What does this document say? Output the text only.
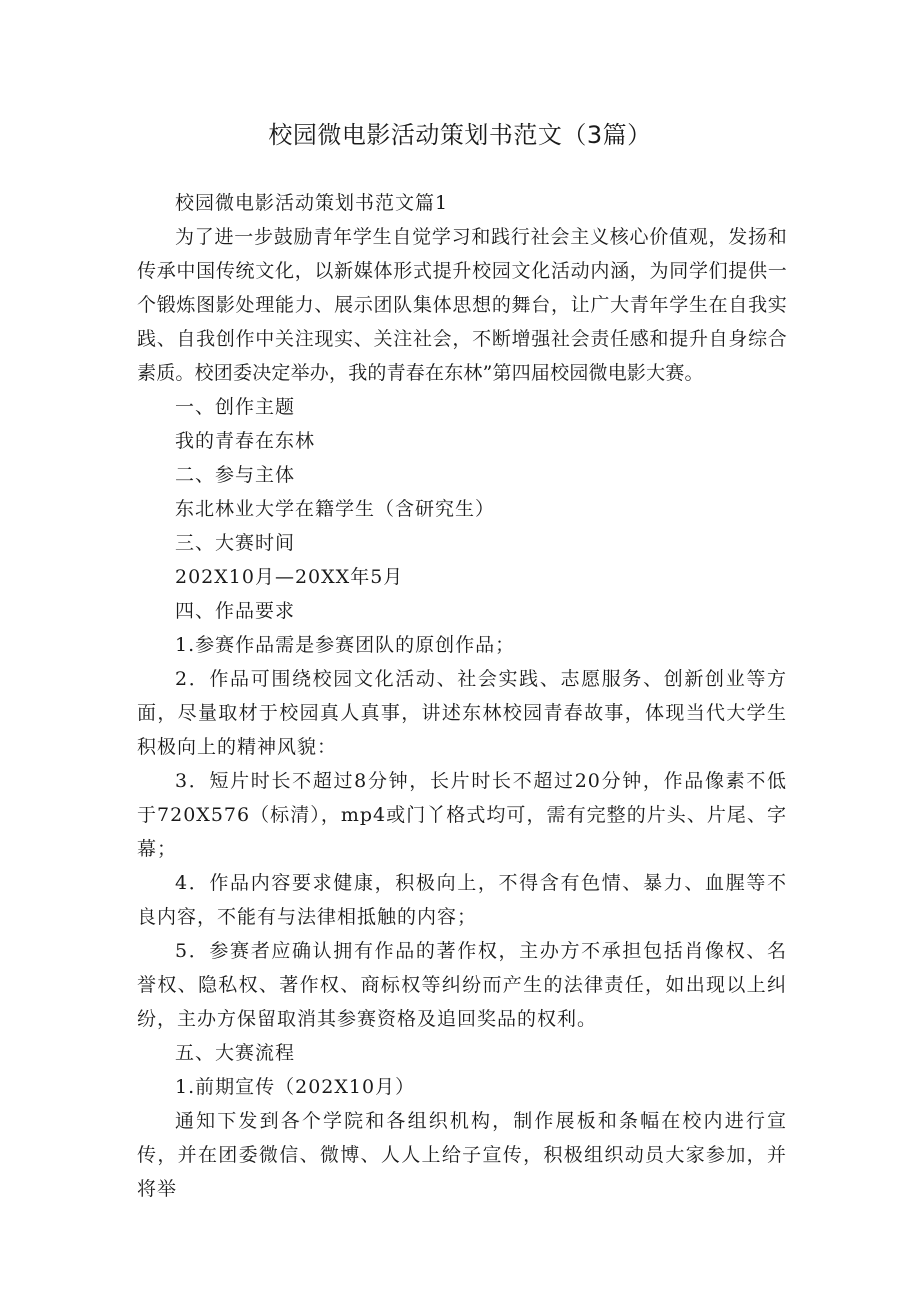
校园微电影活动策划书范文（3篇）

校园微电影活动策划书范文篇1

为了进一步鼓励青年学生自觉学习和践行社会主义核心价值观，发扬和传承中国传统文化，以新媒体形式提升校园文化活动内涵，为同学们提供一个锻炼图影处理能力、展示团队集体思想的舞台，让广大青年学生在自我实践、自我创作中关注现实、关注社会，不断增强社会责任感和提升自身综合素质。校团委决定举办，我的青春在东林”第四届校园微电影大赛。

一、创作主题

我的青春在东林

二、参与主体

东北林业大学在籍学生（含研究生）

三、大赛时间

202X10月—20XX年5月

四、作品要求

1.参赛作品需是参赛团队的原创作品；

2．作品可围绕校园文化活动、社会实践、志愿服务、创新创业等方面，尽量取材于校园真人真事，讲述东林校园青春故事，体现当代大学生积极向上的精神风貌：

3．短片时长不超过8分钟，长片时长不超过20分钟，作品像素不低于720X576（标清），mp4或门丫格式均可，需有完整的片头、片尾、字幕；

4．作品内容要求健康，积极向上，不得含有色情、暴力、血腥等不良内容，不能有与法律相抵触的内容；

5．参赛者应确认拥有作品的著作权，主办方不承担包括肖像权、名誉权、隐私权、著作权、商标权等纠纷而产生的法律责任，如出现以上纠纷，主办方保留取消其参赛资格及追回奖品的权利。

五、大赛流程

1.前期宣传（202X10月）

通知下发到各个学院和各组织机构，制作展板和条幅在校内进行宣传，并在团委微信、微博、人人上给子宣传，积极组织动员大家参加，并将举
